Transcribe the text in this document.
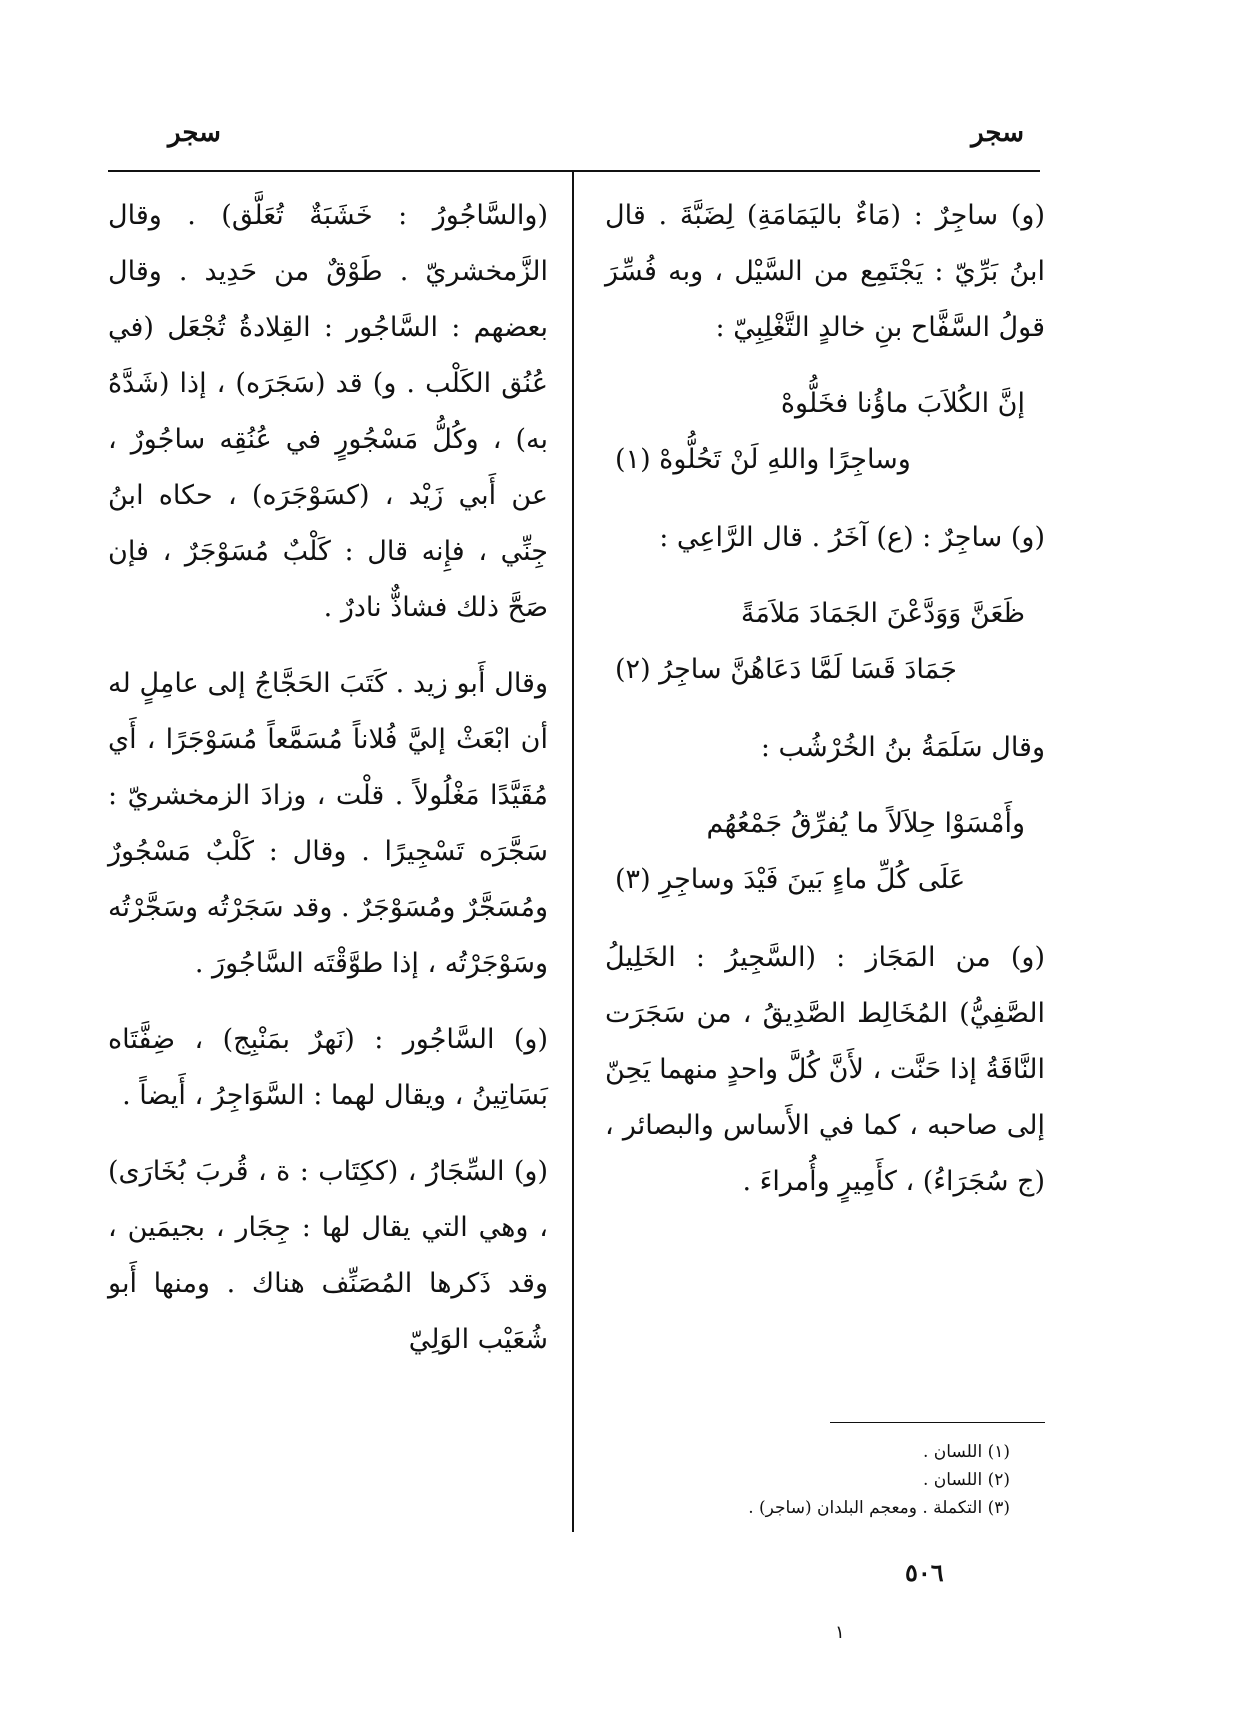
سجر
سجر

(و) ساجِرٌ : (مَاءٌ باليَمَامَةِ) لِضَبَّةَ . قال ابنُ بَرِّيّ : يَجْتَمِع من السَّيْل ، وبه فُسِّرَ قولُ السَّفَّاح بنِ خالدٍ التَّغْلِبِيّ :

إنَّ الكُلاَبَ ماؤُنا فخَلُّوهْ
وساجِرًا واللهِ لَنْ تَحُلُّوهْ (١)

(و) ساجِرٌ : (ع) آخَرُ . قال الرَّاعِي :

ظَعَنَّ وَوَدَّعْنَ الجَمَادَ مَلاَمَةً
جَمَادَ قَسَا لَمَّا دَعَاهُنَّ ساجِرُ (٢)

وقال سَلَمَةُ بنُ الخُرْشُب :

وأَمْسَوْا حِلاَلاً ما يُفرِّقُ جَمْعُهُم
عَلَى كُلِّ ماءٍ بَينَ فَيْدَ وساجِرِ (٣)

(و) من المَجَاز : (السَّجِيرُ : الخَلِيلُ الصَّفِيُّ) المُخَالِط الصَّدِيقُ ، من سَجَرَت النَّاقَةُ إذا حَنَّت ، لأَنَّ كُلَّ واحدٍ منهما يَحِنّ إلى صاحبه ، كما في الأَساس والبصائر ، (ج سُجَرَاءُ) ، كأَمِيرٍ وأُمراءَ .

(والسَّاجُورُ : خَشَبَةٌ تُعَلَّق) . وقال الزَّمخشريّ . طَوْقٌ من حَدِيد . وقال بعضهم : السَّاجُور : القِلادةُ تُجْعَل (في عُنُق الكَلْب . و) قد (سَجَرَه) ، إذا (شَدَّهُ به) ، وكُلُّ مَسْجُورٍ في عُنُقِه ساجُورٌ ، عن أَبي زَيْد ، (كسَوْجَرَه) ، حكاه ابنُ جِنِّي ، فإِنه قال : كَلْبٌ مُسَوْجَرٌ ، فإن صَحَّ ذلك فشاذٌّ نادرٌ .

وقال أَبو زيد . كَتَبَ الحَجَّاجُ إلى عامِلٍ له أن ابْعَثْ إليَّ فُلاناً مُسَمَّعاً مُسَوْجَرًا ، أَي مُقَيَّدًا مَغْلُولاً . قلْت ، وزادَ الزمخشريّ : سَجَّرَه تَسْجِيرًا . وقال : كَلْبٌ مَسْجُورٌ ومُسَجَّرٌ ومُسَوْجَرٌ . وقد سَجَرْتُه وسَجَّرْتُه وسَوْجَرْتُه ، إذا طوَّقْتَه السَّاجُورَ .

(و) السَّاجُور : (نَهرٌ بمَنْبِج) ، ضِفَّتَاه بَسَاتِينُ ، ويقال لهما : السَّوَاجِرُ ، أَيضاً .

(و) السِّجَارُ ، (ككِتَاب : ة ، قُربَ بُخَارَى) ، وهي التي يقال لها : جِجَار ، بجيمَين ، وقد ذَكرها المُصَنِّف هناك . ومنها أَبو شُعَيْب الوَلِيّ

(١) اللسان .
(٢) اللسان .
(٣) التكملة . ومعجم البلدان (ساجر) .
٥٠٦
١
